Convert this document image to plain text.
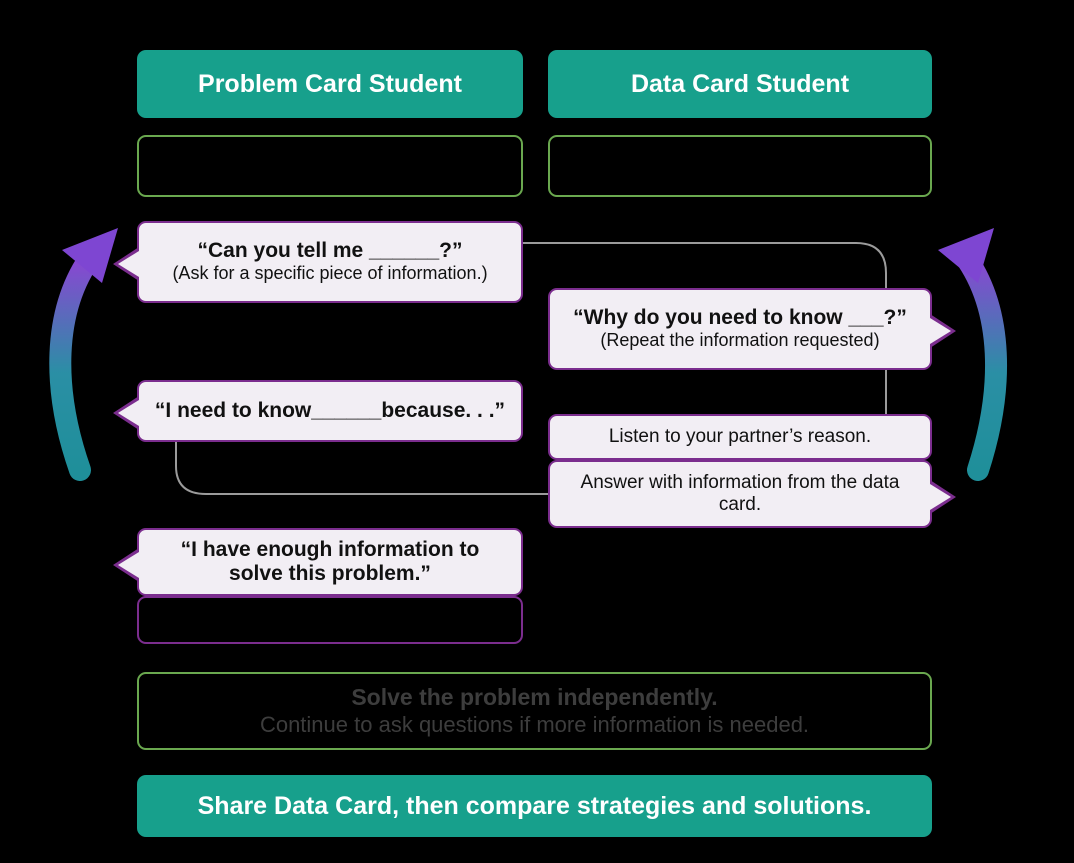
Problem Card Student	Data Card Student
“Can you tell me ______?”
(Ask for a specific piece of information.)
“Why do you need to know ___?”
(Repeat the information requested)
“I need to know______because. . .”
Listen to your partner’s reason.
Answer with information from the data card.
“I have enough information to solve this problem.”
Solve the problem independently.
Continue to ask questions if more information is needed.
Share Data Card, then compare strategies and solutions.
